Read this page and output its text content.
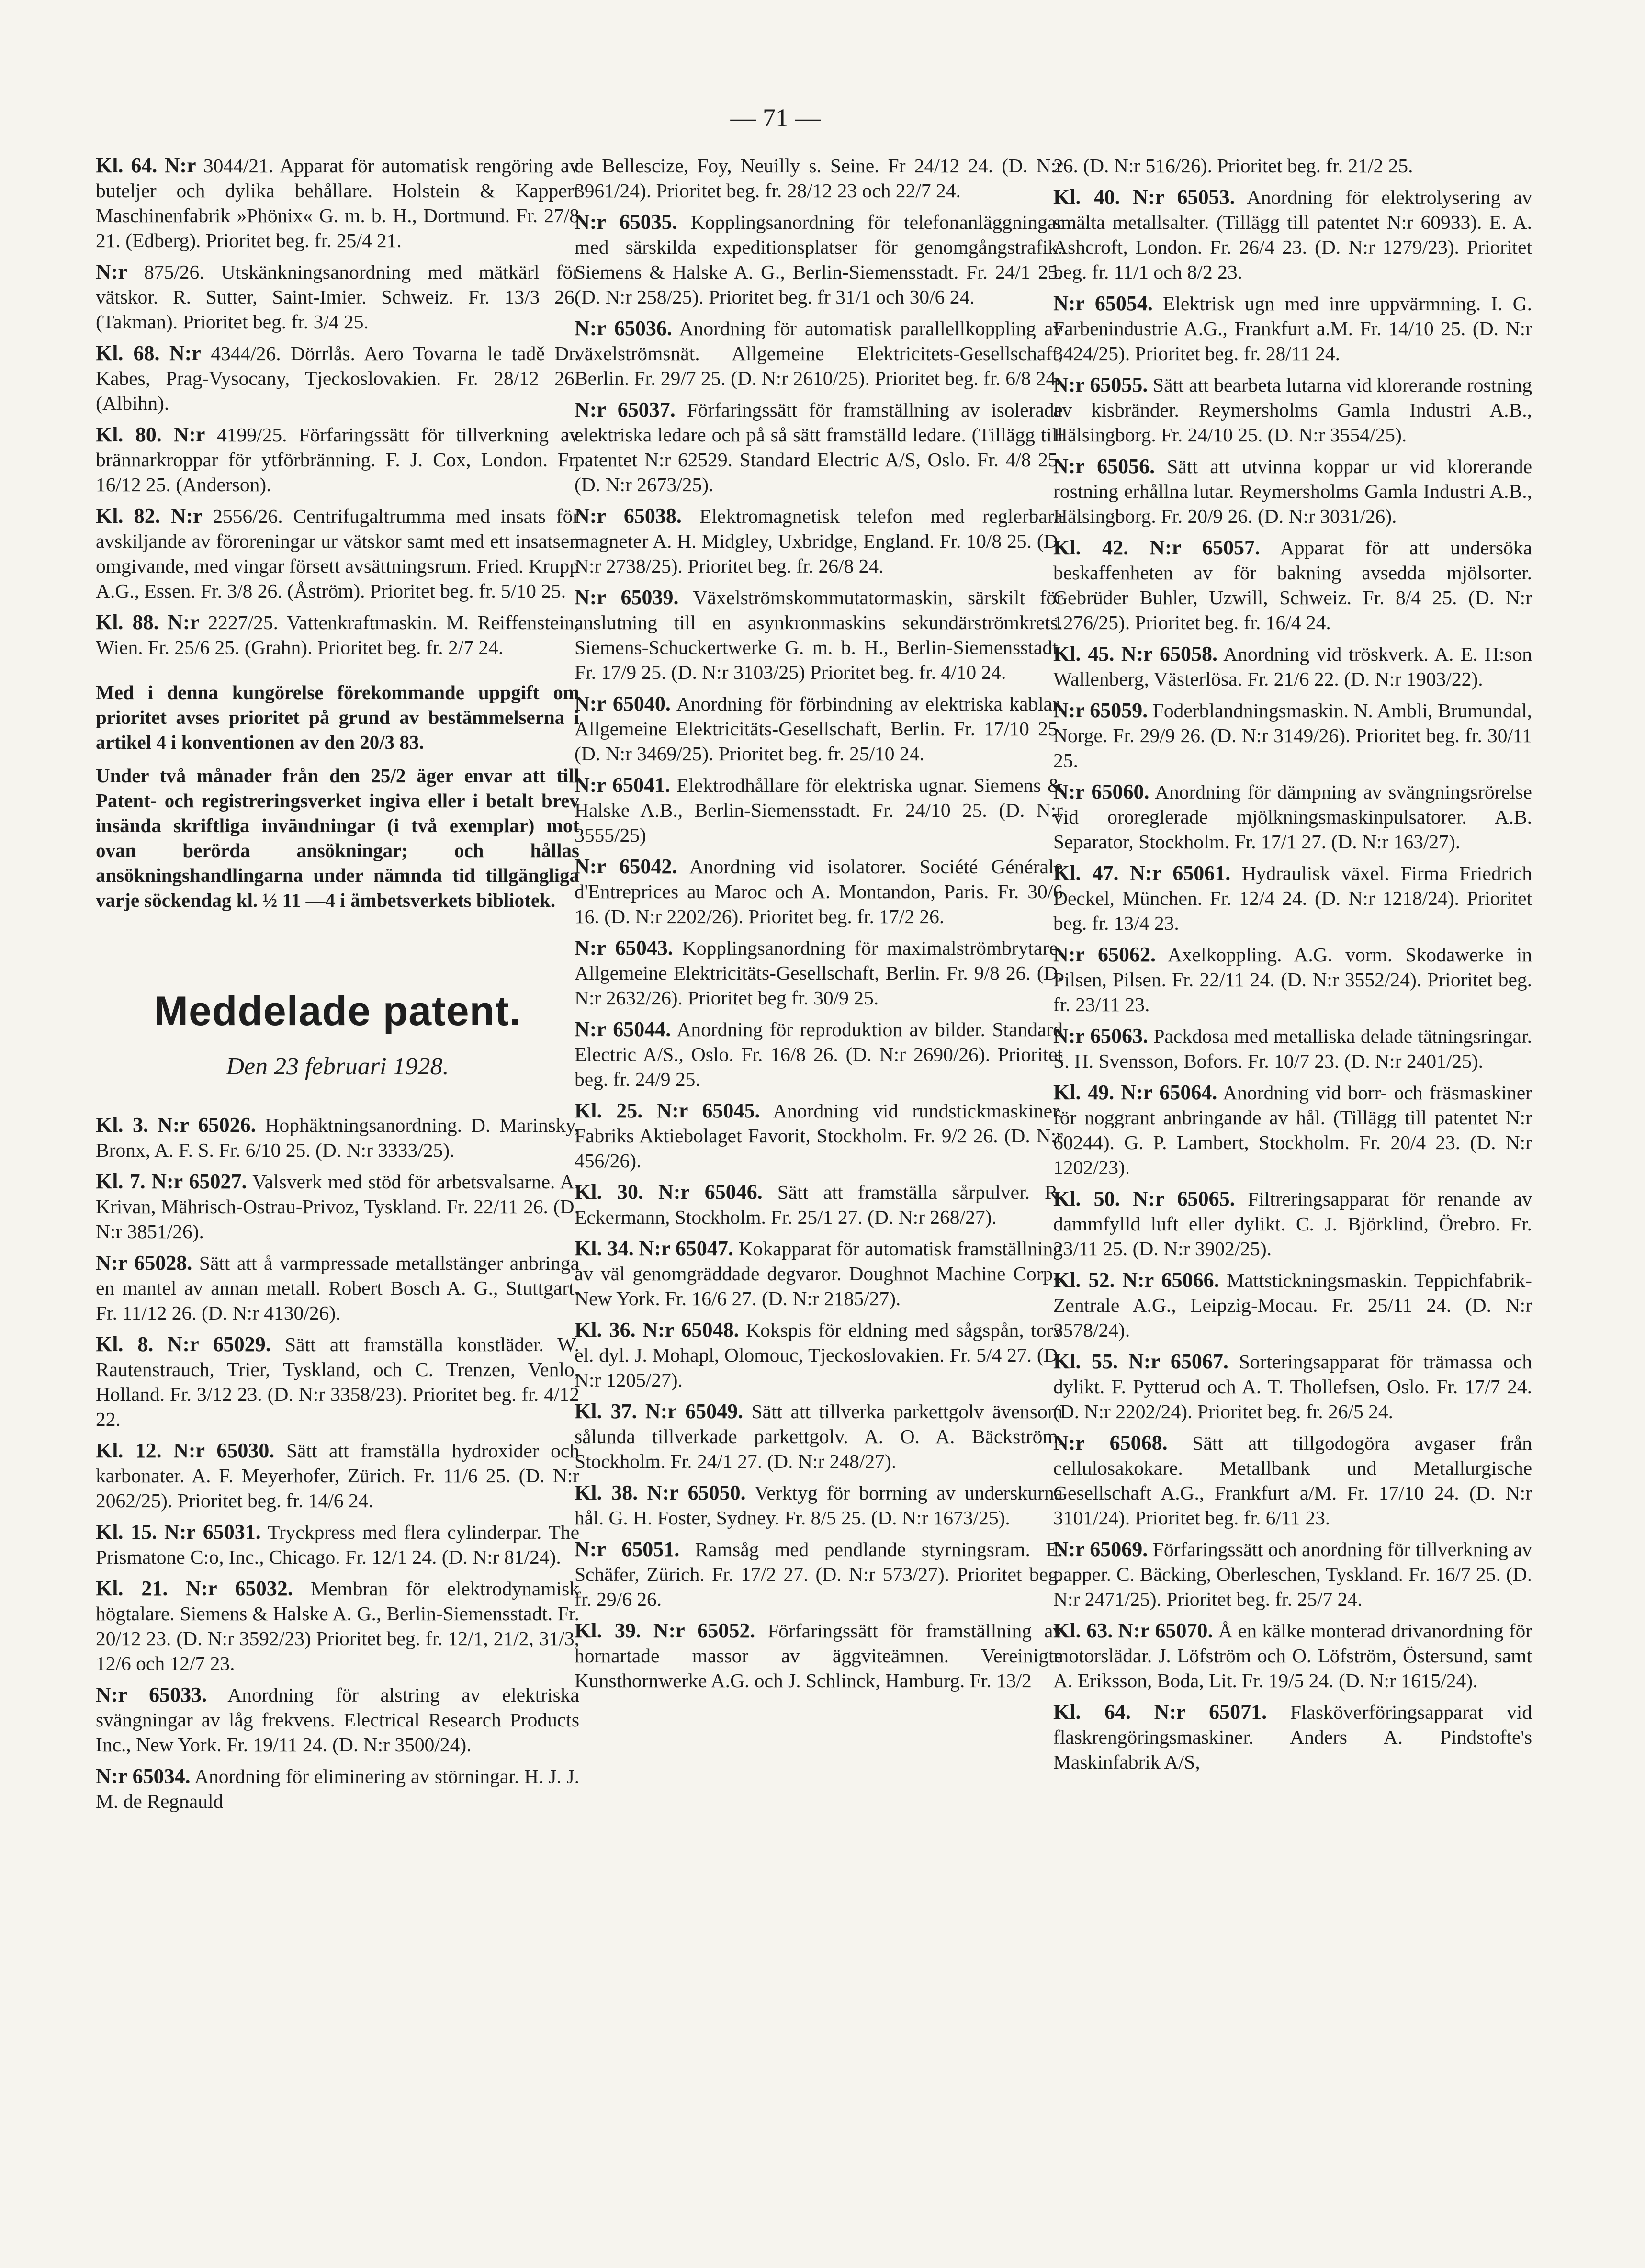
— 71 —

Kl. 64. N:r 3044/21. Apparat för automatisk rengöring av buteljer och dylika behållare. Holstein & Kappert Maschinenfabrik »Phönix« G. m. b. H., Dortmund. Fr. 27/8 21. (Edberg). Prioritet beg. fr. 25/4 21.

N:r 875/26. Utskänkningsanordning med mätkärl för vätskor. R. Sutter, Saint-Imier. Schweiz. Fr. 13/3 26. (Takman). Prioritet beg. fr. 3/4 25.

Kl. 68. N:r 4344/26. Dörrlås. Aero Tovarna le tadě Dr. Kabes, Prag-Vysocany, Tjeckoslovakien. Fr. 28/12 26. (Albihn).

Kl. 80. N:r 4199/25. Förfaringssätt för tillverkning av brännarkroppar för ytförbränning. F. J. Cox, London. Fr. 16/12 25. (Anderson).

Kl. 82. N:r 2556/26. Centrifugaltrumma med insats för avskiljande av föroreningar ur vätskor samt med ett insatsen omgivande, med vingar försett avsättningsrum. Fried. Krupp A.G., Essen. Fr. 3/8 26. (Åström). Prioritet beg. fr. 5/10 25.

Kl. 88. N:r 2227/25. Vattenkraftmaskin. M. Reiffenstein, Wien. Fr. 25/6 25. (Grahn). Prioritet beg. fr. 2/7 24.

Med i denna kungörelse förekommande uppgift om prioritet avses prioritet på grund av bestämmelserna i artikel 4 i konventionen av den 20/3 83.

Under två månader från den 25/2 äger envar att till Patent- och registreringsverket ingiva eller i betalt brev insända skriftliga invändningar (i två exemplar) mot ovan berörda ansökningar; och hållas ansökningshandlingarna under nämnda tid tillgängliga varje söckendag kl. ½ 11 —4 i ämbetsverkets bibliotek.

Meddelade patent.
Den 23 februari 1928.

Kl. 3. N:r 65026. Hophäktningsanordning. D. Marinsky, Bronx, A. F. S. Fr. 6/10 25. (D. N:r 3333/25).

Kl. 7. N:r 65027. Valsverk med stöd för arbetsvalsarne. A. Krivan, Mährisch-Ostrau-Privoz, Tyskland. Fr. 22/11 26. (D. N:r 3851/26).

N:r 65028. Sätt att å varmpressade metallstänger anbringa en mantel av annan metall. Robert Bosch A. G., Stuttgart. Fr. 11/12 26. (D. N:r 4130/26).

Kl. 8. N:r 65029. Sätt att framställa konstläder. W. Rautenstrauch, Trier, Tyskland, och C. Trenzen, Venlo, Holland. Fr. 3/12 23. (D. N:r 3358/23). Prioritet beg. fr. 4/12 22.

Kl. 12. N:r 65030. Sätt att framställa hydroxider och karbonater. A. F. Meyerhofer, Zürich. Fr. 11/6 25. (D. N:r 2062/25). Prioritet beg. fr. 14/6 24.

Kl. 15. N:r 65031. Tryckpress med flera cylinderpar. The Prismatone C:o, Inc., Chicago. Fr. 12/1 24. (D. N:r 81/24).

Kl. 21. N:r 65032. Membran för elektrodynamisk högtalare. Siemens & Halske A. G., Berlin-Siemensstadt. Fr. 20/12 23. (D. N:r 3592/23) Prioritet beg. fr. 12/1, 21/2, 31/3, 12/6 och 12/7 23.

N:r 65033. Anordning för alstring av elektriska svängningar av låg frekvens. Electrical Research Products Inc., New York. Fr. 19/11 24. (D. N:r 3500/24).

N:r 65034. Anordning för eliminering av störningar. H. J. J. M. de Regnauld

de Bellescize, Foy, Neuilly s. Seine. Fr 24/12 24. (D. N:r 3961/24). Prioritet beg. fr. 28/12 23 och 22/7 24.

N:r 65035. Kopplingsanordning för telefonanläggningar med särskilda expeditionsplatser för genomgångstrafik. Siemens & Halske A. G., Berlin-Siemensstadt. Fr. 24/1 25. (D. N:r 258/25). Prioritet beg. fr 31/1 och 30/6 24.

N:r 65036. Anordning för automatisk parallellkoppling av växelströmsnät. Allgemeine Elektricitets-Gesellschaft, Berlin. Fr. 29/7 25. (D. N:r 2610/25). Prioritet beg. fr. 6/8 24.

N:r 65037. Förfaringssätt för framställning av isolerade elektriska ledare och på så sätt framställd ledare. (Tillägg till patentet N:r 62529. Standard Electric A/S, Oslo. Fr. 4/8 25. (D. N:r 2673/25).

N:r 65038. Elektromagnetisk telefon med reglerbara magneter A. H. Midgley, Uxbridge, England. Fr. 10/8 25. (D. N:r 2738/25). Prioritet beg. fr. 26/8 24.

N:r 65039. Växelströmskommutatormaskin, särskilt för anslutning till en asynkronmaskins sekundärströmkrets. Siemens-Schuckertwerke G. m. b. H., Berlin-Siemensstadt. Fr. 17/9 25. (D. N:r 3103/25) Prioritet beg. fr. 4/10 24.

N:r 65040. Anordning för förbindning av elektriska kablar. Allgemeine Elektricitäts-Gesellschaft, Berlin. Fr. 17/10 25. (D. N:r 3469/25). Prioritet beg. fr. 25/10 24.

N:r 65041. Elektrodhållare för elektriska ugnar. Siemens & Halske A.B., Berlin-Siemensstadt. Fr. 24/10 25. (D. N:r 3555/25)

N:r 65042. Anordning vid isolatorer. Société Générale d'Entreprices au Maroc och A. Montandon, Paris. Fr. 30/6 16. (D. N:r 2202/26). Prioritet beg. fr. 17/2 26.

N:r 65043. Kopplingsanordning för maximalströmbrytare. Allgemeine Elektricitäts-Gesellschaft, Berlin. Fr. 9/8 26. (D. N:r 2632/26). Prioritet beg fr. 30/9 25.

N:r 65044. Anordning för reproduktion av bilder. Standard Electric A/S., Oslo. Fr. 16/8 26. (D. N:r 2690/26). Prioritet beg. fr. 24/9 25.

Kl. 25. N:r 65045. Anordning vid rundstickmaskiner. Fabriks Aktiebolaget Favorit, Stockholm. Fr. 9/2 26. (D. N:r 456/26).

Kl. 30. N:r 65046. Sätt att framställa sårpulver. R. Eckermann, Stockholm. Fr. 25/1 27. (D. N:r 268/27).

Kl. 34. N:r 65047. Kokapparat för automatisk framställning av väl genomgräddade degvaror. Doughnot Machine Corp., New York. Fr. 16/6 27. (D. N:r 2185/27).

Kl. 36. N:r 65048. Kokspis för eldning med sågspån, torv el. dyl. J. Mohapl, Olomouc, Tjeckoslovakien. Fr. 5/4 27. (D. N:r 1205/27).

Kl. 37. N:r 65049. Sätt att tillverka parkettgolv ävensom sålunda tillverkade parkettgolv. A. O. A. Bäckström, Stockholm. Fr. 24/1 27. (D. N:r 248/27).

Kl. 38. N:r 65050. Verktyg för borrning av underskurna hål. G. H. Foster, Sydney. Fr. 8/5 25. (D. N:r 1673/25).

N:r 65051. Ramsåg med pendlande styrningsram. E. Schäfer, Zürich. Fr. 17/2 27. (D. N:r 573/27). Prioritet beg. fr. 29/6 26.

Kl. 39. N:r 65052. Förfaringssätt för framställning av hornartade massor av äggviteämnen. Vereinigte Kunsthornwerke A.G. och J. Schlinck, Hamburg. Fr. 13/2

26. (D. N:r 516/26). Prioritet beg. fr. 21/2 25.

Kl. 40. N:r 65053. Anordning för elektrolysering av smälta metallsalter. (Tillägg till patentet N:r 60933). E. A. Ashcroft, London. Fr. 26/4 23. (D. N:r 1279/23). Prioritet beg. fr. 11/1 och 8/2 23.

N:r 65054. Elektrisk ugn med inre uppvärmning. I. G. Farbenindustrie A.G., Frankfurt a.M. Fr. 14/10 25. (D. N:r 3424/25). Prioritet beg. fr. 28/11 24.

N:r 65055. Sätt att bearbeta lutarna vid klorerande rostning av kisbränder. Reymersholms Gamla Industri A.B., Hälsingborg. Fr. 24/10 25. (D. N:r 3554/25).

N:r 65056. Sätt att utvinna koppar ur vid klorerande rostning erhållna lutar. Reymersholms Gamla Industri A.B., Hälsingborg. Fr. 20/9 26. (D. N:r 3031/26).

Kl. 42. N:r 65057. Apparat för att undersöka beskaffenheten av för bakning avsedda mjölsorter. Gebrüder Buhler, Uzwill, Schweiz. Fr. 8/4 25. (D. N:r 1276/25). Prioritet beg. fr. 16/4 24.

Kl. 45. N:r 65058. Anordning vid tröskverk. A. E. H:son Wallenberg, Västerlösa. Fr. 21/6 22. (D. N:r 1903/22).

N:r 65059. Foderblandningsmaskin. N. Ambli, Brumundal, Norge. Fr. 29/9 26. (D. N:r 3149/26). Prioritet beg. fr. 30/11 25.

N:r 65060. Anordning för dämpning av svängningsrörelse vid ororeglerade mjölkningsmaskinpulsatorer. A.B. Separator, Stockholm. Fr. 17/1 27. (D. N:r 163/27).

Kl. 47. N:r 65061. Hydraulisk växel. Firma Friedrich Deckel, München. Fr. 12/4 24. (D. N:r 1218/24). Prioritet beg. fr. 13/4 23.

N:r 65062. Axelkoppling. A.G. vorm. Skodawerke in Pilsen, Pilsen. Fr. 22/11 24. (D. N:r 3552/24). Prioritet beg. fr. 23/11 23.

N:r 65063. Packdosa med metalliska delade tätningsringar. S. H. Svensson, Bofors. Fr. 10/7 23. (D. N:r 2401/25).

Kl. 49. N:r 65064. Anordning vid borr- och fräsmaskiner för noggrant anbringande av hål. (Tillägg till patentet N:r 60244). G. P. Lambert, Stockholm. Fr. 20/4 23. (D. N:r 1202/23).

Kl. 50. N:r 65065. Filtreringsapparat för renande av dammfylld luft eller dylikt. C. J. Björklind, Örebro. Fr. 23/11 25. (D. N:r 3902/25).

Kl. 52. N:r 65066. Mattstickningsmaskin. Teppichfabrik-Zentrale A.G., Leipzig-Mocau. Fr. 25/11 24. (D. N:r 3578/24).

Kl. 55. N:r 65067. Sorteringsapparat för trämassa och dylikt. F. Pytterud och A. T. Thollefsen, Oslo. Fr. 17/7 24. (D. N:r 2202/24). Prioritet beg. fr. 26/5 24.

N:r 65068. Sätt att tillgodogöra avgaser från cellulosakokare. Metallbank und Metallurgische Gesellschaft A.G., Frankfurt a/M. Fr. 17/10 24. (D. N:r 3101/24). Prioritet beg. fr. 6/11 23.

N:r 65069. Förfaringssätt och anordning för tillverkning av papper. C. Bäcking, Oberleschen, Tyskland. Fr. 16/7 25. (D. N:r 2471/25). Prioritet beg. fr. 25/7 24.

Kl. 63. N:r 65070. Å en kälke monterad drivanordning för motorslädar. J. Löfström och O. Löfström, Östersund, samt A. Eriksson, Boda, Lit. Fr. 19/5 24. (D. N:r 1615/24).

Kl. 64. N:r 65071. Flasköverföringsapparat vid flaskrengöringsmaskiner. Anders A. Pindstofte's Maskinfabrik A/S,
